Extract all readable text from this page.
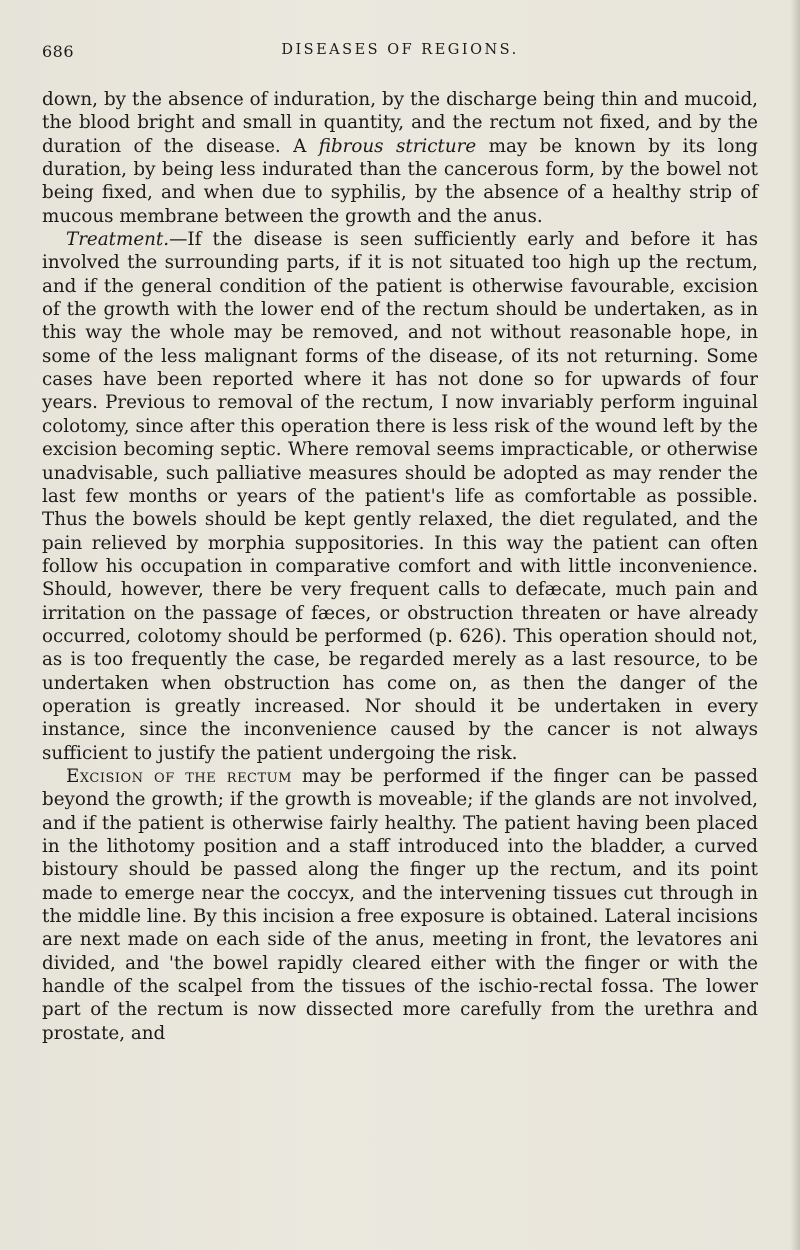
686	DISEASES OF REGIONS.

down, by the absence of induration, by the discharge being thin and mucoid, the blood bright and small in quantity, and the rectum not fixed, and by the duration of the disease. A fibrous stricture may be known by its long duration, by being less indurated than the cancerous form, by the bowel not being fixed, and when due to syphilis, by the absence of a healthy strip of mucous membrane between the growth and the anus.

Treatment.—If the disease is seen sufficiently early and before it has involved the surrounding parts, if it is not situated too high up the rectum, and if the general condition of the patient is otherwise favourable, excision of the growth with the lower end of the rectum should be undertaken, as in this way the whole may be removed, and not without reasonable hope, in some of the less malignant forms of the disease, of its not returning. Some cases have been reported where it has not done so for upwards of four years. Previous to removal of the rectum, I now invariably perform inguinal colotomy, since after this operation there is less risk of the wound left by the excision becoming septic. Where removal seems impracticable, or otherwise unadvisable, such palliative measures should be adopted as may render the last few months or years of the patient's life as comfortable as possible. Thus the bowels should be kept gently relaxed, the diet regulated, and the pain relieved by morphia suppositories. In this way the patient can often follow his occupation in comparative comfort and with little inconvenience. Should, however, there be very frequent calls to defæcate, much pain and irritation on the passage of fæces, or obstruction threaten or have already occurred, colotomy should be performed (p. 626). This operation should not, as is too frequently the case, be regarded merely as a last resource, to be undertaken when obstruction has come on, as then the danger of the operation is greatly increased. Nor should it be undertaken in every instance, since the inconvenience caused by the cancer is not always sufficient to justify the patient undergoing the risk.

Excision of the rectum may be performed if the finger can be passed beyond the growth; if the growth is moveable; if the glands are not involved, and if the patient is otherwise fairly healthy. The patient having been placed in the lithotomy position and a staff introduced into the bladder, a curved bistoury should be passed along the finger up the rectum, and its point made to emerge near the coccyx, and the intervening tissues cut through in the middle line. By this incision a free exposure is obtained. Lateral incisions are next made on each side of the anus, meeting in front, the levatores ani divided, and 'the bowel rapidly cleared either with the finger or with the handle of the scalpel from the tissues of the ischio-rectal fossa. The lower part of the rectum is now dissected more carefully from the urethra and prostate, and
